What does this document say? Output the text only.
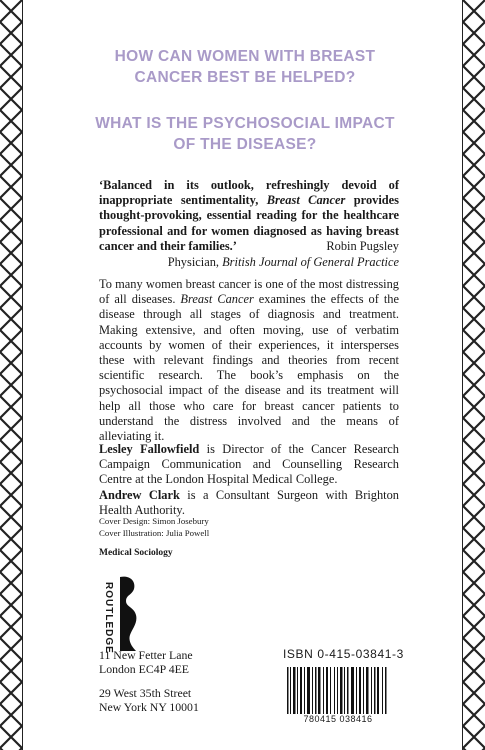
HOW CAN WOMEN WITH BREAST CANCER BEST BE HELPED?
WHAT IS THE PSYCHOSOCIAL IMPACT OF THE DISEASE?
‘Balanced in its outlook, refreshingly devoid of inappropriate sentimentality, Breast Cancer provides thought-provoking, essential reading for the healthcare professional and for women diagnosed as having breast cancer and their families.’	Robin Pugsley
Physician, British Journal of General Practice
To many women breast cancer is one of the most distressing of all diseases. Breast Cancer examines the effects of the disease through all stages of diagnosis and treatment. Making extensive, and often moving, use of verbatim accounts by women of their experiences, it intersperses these with relevant findings and theories from recent scientific research. The book’s emphasis on the psychosocial impact of the disease and its treatment will help all those who care for breast cancer patients to understand the distress involved and the means of alleviating it.
Lesley Fallowfield is Director of the Cancer Research Campaign Communication and Counselling Research Centre at the London Hospital Medical College.
Andrew Clark is a Consultant Surgeon with Brighton Health Authority.
Cover Design: Simon Josebury
Cover Illustration: Julia Powell
Medical Sociology
ROUTLEDGE
11 New Fetter Lane
London EC4P 4EE
29 West 35th Street
New York NY 10001
ISBN 0-415-03841-3
780415 038416
